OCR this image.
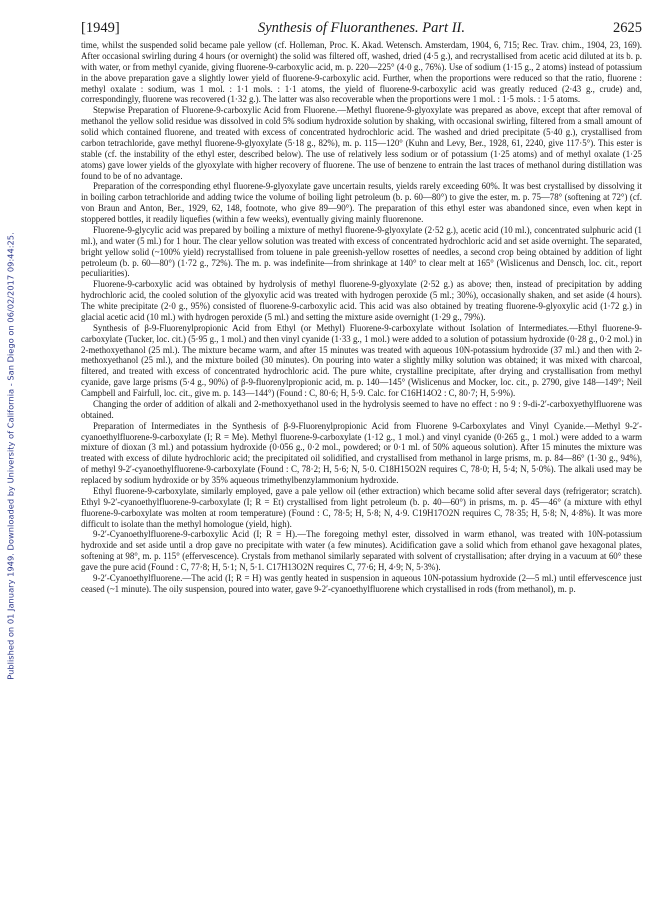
Published on 01 January 1949. Downloaded by University of California - San Diego on 06/02/2017 09:44:25.
[1949]	Synthesis of Fluoranthenes. Part II.	2625

time, whilst the suspended solid became pale yellow (cf. Holleman, Proc. K. Akad. Wetensch. Amsterdam, 1904, 6, 715; Rec. Trav. chim., 1904, 23, 169). After occasional swirling during 4 hours (or overnight) the solid was filtered off, washed, dried (4·5 g.), and recrystallised from acetic acid diluted at its b. p. with water, or from methyl cyanide, giving fluorene-9-carboxylic acid, m. p. 220—225° (4·0 g., 76%). Use of sodium (1·15 g., 2 atoms) instead of potassium in the above preparation gave a slightly lower yield of fluorene-9-carboxylic acid. Further, when the proportions were reduced so that the ratio, fluorene : methyl oxalate : sodium, was 1 mol. : 1·1 mols. : 1·1 atoms, the yield of fluorene-9-carboxylic acid was greatly reduced (2·43 g., crude) and, correspondingly, fluorene was recovered (1·32 g.). The latter was also recoverable when the proportions were 1 mol. : 1·5 mols. : 1·5 atoms.

Stepwise Preparation of Fluorene-9-carboxylic Acid from Fluorene.—Methyl fluorene-9-glyoxylate was prepared as above, except that after removal of methanol the yellow solid residue was dissolved in cold 5% sodium hydroxide solution by shaking, with occasional swirling, filtered from a small amount of solid which contained fluorene, and treated with excess of concentrated hydrochloric acid. The washed and dried precipitate (5·40 g.), crystallised from carbon tetrachloride, gave methyl fluorene-9-glyoxylate (5·18 g., 82%), m. p. 115—120° (Kuhn and Levy, Ber., 1928, 61, 2240, give 117·5°). This ester is stable (cf. the instability of the ethyl ester, described below). The use of relatively less sodium or of potassium (1·25 atoms) and of methyl oxalate (1·25 atoms) gave lower yields of the glyoxylate with higher recovery of fluorene. The use of benzene to entrain the last traces of methanol during distillation was found to be of no advantage.

Preparation of the corresponding ethyl fluorene-9-glyoxylate gave uncertain results, yields rarely exceeding 60%. It was best crystallised by dissolving it in boiling carbon tetrachloride and adding twice the volume of boiling light petroleum (b. p. 60—80°) to give the ester, m. p. 75—78° (softening at 72°) (cf. von Braun and Anton, Ber., 1929, 62, 148, footnote, who give 89—90°). The preparation of this ethyl ester was abandoned since, even when kept in stoppered bottles, it readily liquefies (within a few weeks), eventually giving mainly fluorenone.

Fluorene-9-glycylic acid was prepared by boiling a mixture of methyl fluorene-9-glyoxylate (2·52 g.), acetic acid (10 ml.), concentrated sulphuric acid (1 ml.), and water (5 ml.) for 1 hour. The clear yellow solution was treated with excess of concentrated hydrochloric acid and set aside overnight. The separated, bright yellow solid (~100% yield) recrystallised from toluene in pale greenish-yellow rosettes of needles, a second crop being obtained by addition of light petroleum (b. p. 60—80°) (1·72 g., 72%). The m. p. was indefinite—from shrinkage at 140° to clear melt at 165° (Wislicenus and Densch, loc. cit., report peculiarities).

Fluorene-9-carboxylic acid was obtained by hydrolysis of methyl fluorene-9-glyoxylate (2·52 g.) as above; then, instead of precipitation by adding hydrochloric acid, the cooled solution of the glyoxylic acid was treated with hydrogen peroxide (5 ml.; 30%), occasionally shaken, and set aside (4 hours). The white precipitate (2·0 g., 95%) consisted of fluorene-9-carboxylic acid. This acid was also obtained by treating fluorene-9-glyoxylic acid (1·72 g.) in glacial acetic acid (10 ml.) with hydrogen peroxide (5 ml.) and setting the mixture aside overnight (1·29 g., 79%).

Synthesis of β-9-Fluorenylpropionic Acid from Ethyl (or Methyl) Fluorene-9-carboxylate without Isolation of Intermediates.—Ethyl fluorene-9-carboxylate (Tucker, loc. cit.) (5·95 g., 1 mol.) and then vinyl cyanide (1·33 g., 1 mol.) were added to a solution of potassium hydroxide (0·28 g., 0·2 mol.) in 2-methoxyethanol (25 ml.). The mixture became warm, and after 15 minutes was treated with aqueous 10N-potassium hydroxide (37 ml.) and then with 2-methoxyethanol (25 ml.), and the mixture boiled (30 minutes). On pouring into water a slightly milky solution was obtained; it was mixed with charcoal, filtered, and treated with excess of concentrated hydrochloric acid. The pure white, crystalline precipitate, after drying and crystallisation from methyl cyanide, gave large prisms (5·4 g., 90%) of β-9-fluorenylpropionic acid, m. p. 140—145° (Wislicenus and Mocker, loc. cit., p. 2790, give 148—149°; Neil Campbell and Fairfull, loc. cit., give m. p. 143—144°) (Found : C, 80·6; H, 5·9. Calc. for C16H14O2 : C, 80·7; H, 5·9%).

Changing the order of addition of alkali and 2-methoxyethanol used in the hydrolysis seemed to have no effect : no 9 : 9-di-2′-carboxyethylfluorene was obtained.

Preparation of Intermediates in the Synthesis of β-9-Fluorenylpropionic Acid from Fluorene 9-Carboxylates and Vinyl Cyanide.—Methyl 9-2′-cyanoethylfluorene-9-carboxylate (I; R = Me). Methyl fluorene-9-carboxylate (1·12 g., 1 mol.) and vinyl cyanide (0·265 g., 1 mol.) were added to a warm mixture of dioxan (3 ml.) and potassium hydroxide (0·056 g., 0·2 mol., powdered; or 0·1 ml. of 50% aqueous solution). After 15 minutes the mixture was treated with excess of dilute hydrochloric acid; the precipitated oil solidified, and crystallised from methanol in large prisms, m. p. 84—86° (1·30 g., 94%), of methyl 9-2′-cyanoethylfluorene-9-carboxylate (Found : C, 78·2; H, 5·6; N, 5·0. C18H15O2N requires C, 78·0; H, 5·4; N, 5·0%). The alkali used may be replaced by sodium hydroxide or by 35% aqueous trimethylbenzylammonium hydroxide.

Ethyl fluorene-9-carboxylate, similarly employed, gave a pale yellow oil (ether extraction) which became solid after several days (refrigerator; scratch). Ethyl 9-2′-cyanoethylfluorene-9-carboxylate (I; R = Et) crystallised from light petroleum (b. p. 40—60°) in prisms, m. p. 45—46° (a mixture with ethyl fluorene-9-carboxylate was molten at room temperature) (Found : C, 78·5; H, 5·8; N, 4·9. C19H17O2N requires C, 78·35; H, 5·8; N, 4·8%). It was more difficult to isolate than the methyl homologue (yield, high).

9-2′-Cyanoethylfluorene-9-carboxylic Acid (I; R = H).—The foregoing methyl ester, dissolved in warm ethanol, was treated with 10N-potassium hydroxide and set aside until a drop gave no precipitate with water (a few minutes). Acidification gave a solid which from ethanol gave hexagonal plates, softening at 98°, m. p. 115° (effervescence). Crystals from methanol similarly separated with solvent of crystallisation; after drying in a vacuum at 60° these gave the pure acid (Found : C, 77·8; H, 5·1; N, 5·1. C17H13O2N requires C, 77·6; H, 4·9; N, 5·3%).

9-2′-Cyanoethylfluorene.—The acid (I; R = H) was gently heated in suspension in aqueous 10N-potassium hydroxide (2—5 ml.) until effervescence just ceased (~1 minute). The oily suspension, poured into water, gave 9-2′-cyanoethylfluorene which crystallised in rods (from methanol), m. p.
